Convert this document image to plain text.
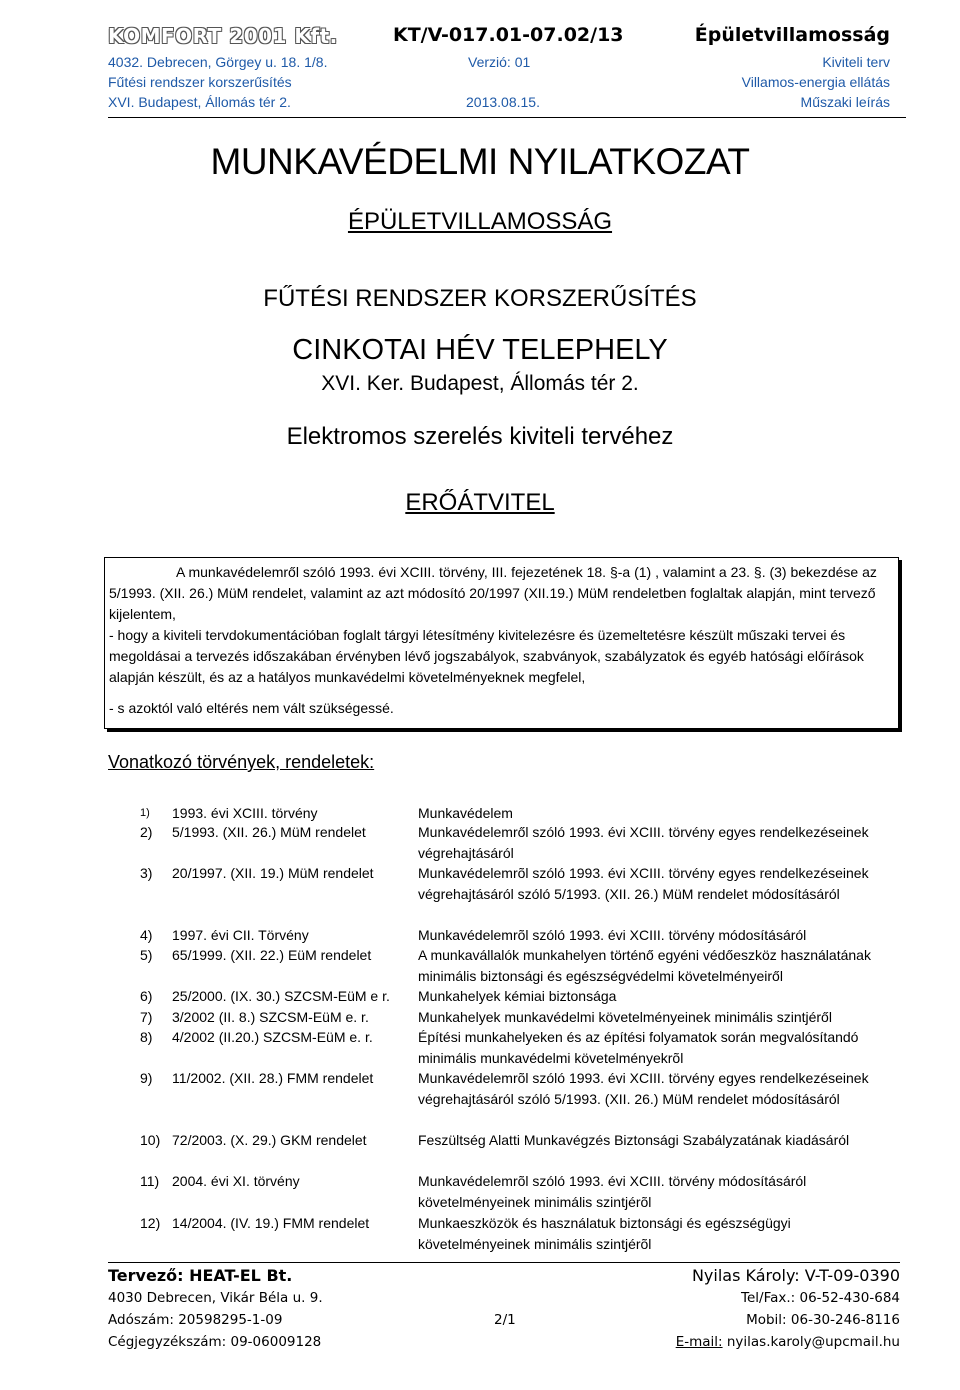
KOMFORT 2001 Kft.	KT/V-017.01-07.02/13	Épületvillamosság
4032. Debrecen, Görgey u. 18. 1/8.	Verzió: 01	Kiviteli terv
Fűtési rendszer korszerűsítés	Villamos-energia ellátás
XVI. Budapest, Állomás tér 2.	2013.08.15.	Műszaki leírás
MUNKAVÉDELMI NYILATKOZAT
ÉPÜLETVILLAMOSSÁG
FŰTÉSI RENDSZER KORSZERŰSÍTÉS
CINKOTAI HÉV TELEPHELY
XVI. Ker. Budapest, Állomás tér 2.
Elektromos szerelés kiviteli tervéhez
ERŐÁTVITEL

A munkavédelemről szóló 1993. évi XCIII. törvény, III. fejezetének 18. §-a (1) , valamint a 23. §. (3) bekezdése az 5/1993. (XII. 26.) MüM rendelet, valamint az azt módosító 20/1997 (XII.19.) MüM rendeletben foglaltak alapján, mint tervező kijelentem,

- hogy a kiviteli tervdokumentációban foglalt tárgyi létesítmény kivitelezésre és üzemeltetésre készült műszaki tervei és megoldásai a tervezés időszakában érvényben lévő jogszabályok, szabványok, szabályzatok és egyéb hatósági előírások alapján készült, és az a hatályos munkavédelmi követelményeknek megfelel,

- s azoktól való eltérés nem vált szükségessé.

Vonatkozó törvények, rendeletek:
1)	1993. évi XCIII. törvény	Munkavédelem
2)	5/1993. (XII. 26.) MüM rendelet	Munkavédelemről szóló 1993. évi XCIII. törvény egyes rendelkezéseinek végrehajtásáról
3)	20/1997. (XII. 19.) MüM rendelet	Munkavédelemrõl szóló 1993. évi XCIII. törvény egyes rendelkezéseinek végrehajtásáról szóló 5/1993. (XII. 26.) MüM rendelet módosításáról
4)	1997. évi CII. Törvény	Munkavédelemrõl szóló 1993. évi XCIII. törvény módosításáról
5)	65/1999. (XII. 22.) EüM rendelet	A munkavállalók munkahelyen történő egyéni védőeszköz használatának minimális biztonsági és egészségvédelmi követelményeiről
6)	25/2000. (IX. 30.) SZCSM-EüM e r.	Munkahelyek kémiai biztonsága
7)	3/2002 (II. 8.) SZCSM-EüM e. r.	Munkahelyek munkavédelmi követelményeinek minimális szintjéről
8)	4/2002 (II.20.) SZCSM-EüM e. r.	Építési munkahelyeken és az építési folyamatok során megvalósítandó minimális munkavédelmi követelményekrõl
9)	11/2002. (XII. 28.) FMM rendelet	Munkavédelemrõl szóló 1993. évi XCIII. törvény egyes rendelkezéseinek végrehajtásáról szóló 5/1993. (XII. 26.) MüM rendelet módosításáról
10) 72/2003. (X. 29.) GKM rendelet	Feszültség Alatti Munkavégzés Biztonsági Szabályzatának kiadásáról
11) 2004. évi XI. törvény	Munkavédelemrõl szóló 1993. évi XCIII. törvény módosításáról követelményeinek minimális szintjérõl
12) 14/2004. (IV. 19.) FMM rendelet	Munkaeszközök és használatuk biztonsági és egészségügyi követelményeinek minimális szintjérõl
Tervező: HEAT-EL Bt.	Nyilas Károly: V-T-09-0390
4030 Debrecen, Vikár Béla u. 9.	Tel/Fax.: 06-52-430-684
Adószám: 20598295-1-09	2/1	Mobil: 06-30-246-8116
Cégjegyzékszám: 09-06009128	E-mail: nyilas.karoly@upcmail.hu
